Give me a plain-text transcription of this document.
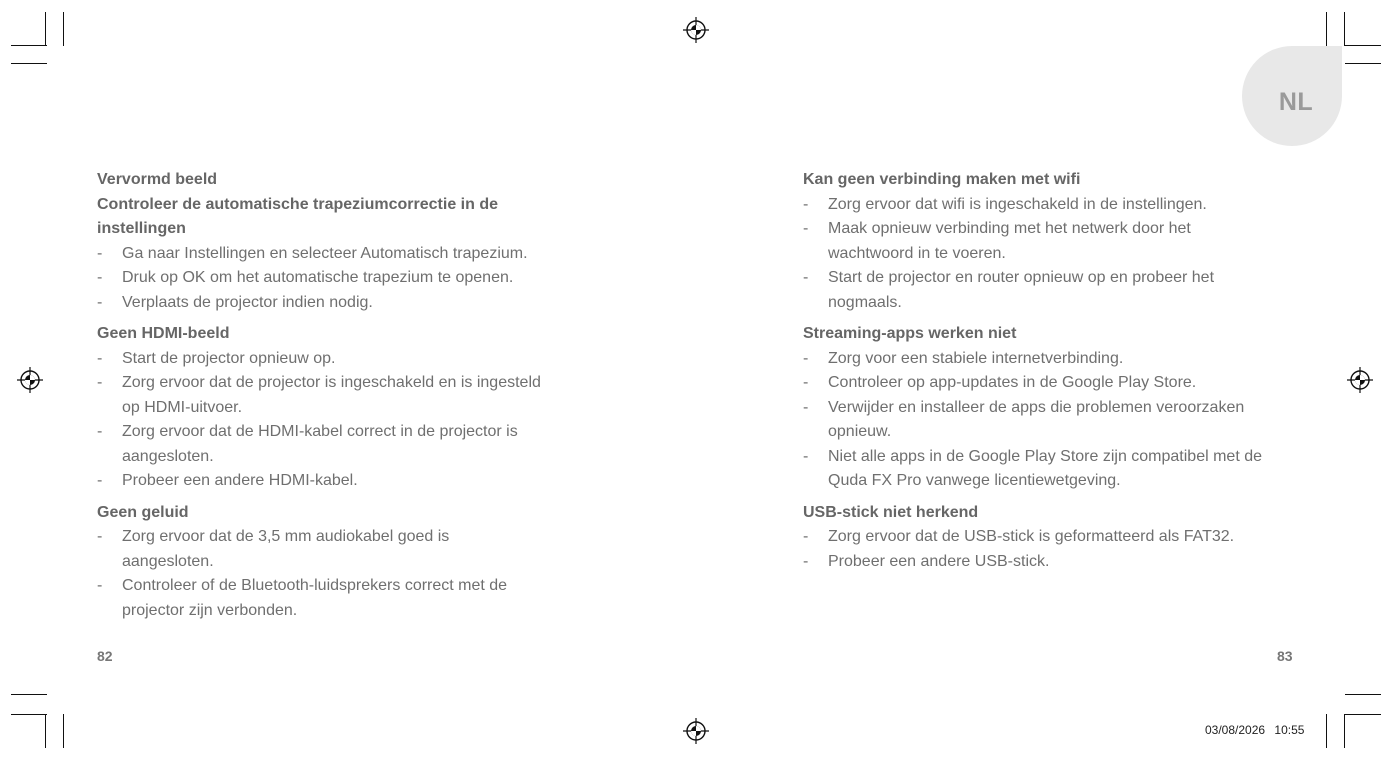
NL

Vervormd beeld

Controleer de automatische trapeziumcorrectie in de instellingen

- Ga naar Instellingen en selecteer Automatisch trapezium.
- Druk op OK om het automatische trapezium te openen.
- Verplaats de projector indien nodig.

Geen HDMI-beeld

- Start de projector opnieuw op.
- Zorg ervoor dat de projector is ingeschakeld en is ingesteld op HDMI-uitvoer.
- Zorg ervoor dat de HDMI-kabel correct in de projector is aangesloten.
- Probeer een andere HDMI-kabel.

Geen geluid

- Zorg ervoor dat de 3,5 mm audiokabel goed is aangesloten.
- Controleer of de Bluetooth-luidsprekers correct met de projector zijn verbonden.

Kan geen verbinding maken met wifi

- Zorg ervoor dat wifi is ingeschakeld in de instellingen.
- Maak opnieuw verbinding met het netwerk door het wachtwoord in te voeren.
- Start de projector en router opnieuw op en probeer het nogmaals.

Streaming-apps werken niet

- Zorg voor een stabiele internetverbinding.
- Controleer op app-updates in de Google Play Store.
- Verwijder en installeer de apps die problemen veroorzaken opnieuw.
- Niet alle apps in de Google Play Store zijn compatibel met de Quda FX Pro vanwege licentiewetgeving.

USB-stick niet herkend

- Zorg ervoor dat de USB-stick is geformatteerd als FAT32.
- Probeer een andere USB-stick.
82	83
03/08/2026 10:55
